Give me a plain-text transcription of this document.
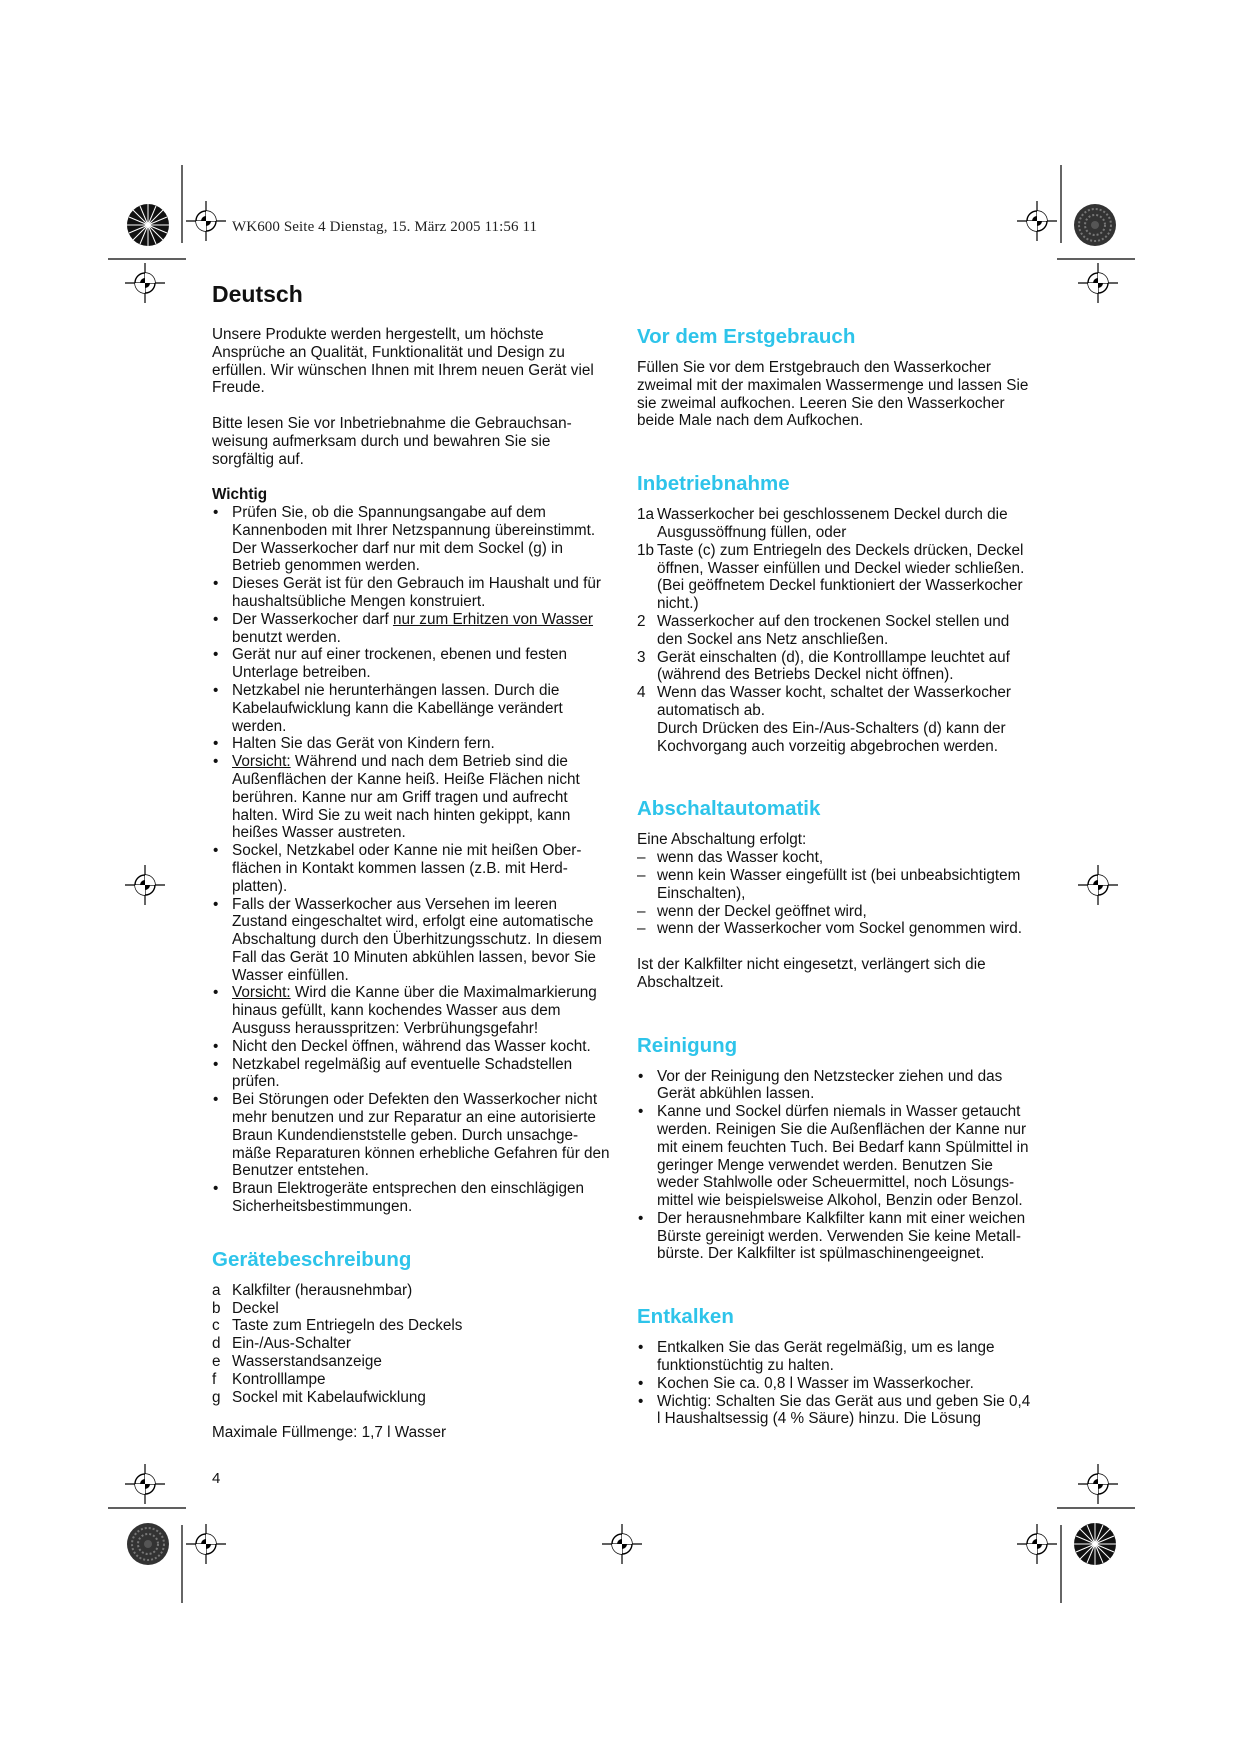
WK600 Seite 4 Dienstag, 15. März 2005 11:56 11
Deutsch

Unsere Produkte werden hergestellt, um höchste Ansprüche an Qualität, Funktionalität und Design zu erfüllen. Wir wünschen Ihnen mit Ihrem neuen Gerät viel Freude.

Bitte lesen Sie vor Inbetriebnahme die Gebrauchsan-weisung aufmerksam durch und bewahren Sie sie sorgfältig auf.

Wichtig

• Prüfen Sie, ob die Spannungsangabe auf dem Kannenboden mit Ihrer Netzspannung übereinstimmt. Der Wasserkocher darf nur mit dem Sockel (g) in Betrieb genommen werden.
• Dieses Gerät ist für den Gebrauch im Haushalt und für haushaltsübliche Mengen konstruiert.
• Der Wasserkocher darf nur zum Erhitzen von Wasser benutzt werden.
• Gerät nur auf einer trockenen, ebenen und festen Unterlage betreiben.
• Netzkabel nie herunterhängen lassen. Durch die Kabelaufwicklung kann die Kabellänge verändert werden.
• Halten Sie das Gerät von Kindern fern.
• Vorsicht: Während und nach dem Betrieb sind die Außenflächen der Kanne heiß. Heiße Flächen nicht berühren. Kanne nur am Griff tragen und aufrecht halten. Wird Sie zu weit nach hinten gekippt, kann heißes Wasser austreten.
• Sockel, Netzkabel oder Kanne nie mit heißen Ober-flächen in Kontakt kommen lassen (z.B. mit Herd-platten).
• Falls der Wasserkocher aus Versehen im leeren Zustand eingeschaltet wird, erfolgt eine automatische Abschaltung durch den Überhitzungsschutz. In diesem Fall das Gerät 10 Minuten abkühlen lassen, bevor Sie Wasser einfüllen.
• Vorsicht: Wird die Kanne über die Maximalmarkierung hinaus gefüllt, kann kochendes Wasser aus dem Ausguss herausspritzen: Verbrühungsgefahr!
• Nicht den Deckel öffnen, während das Wasser kocht.
• Netzkabel regelmäßig auf eventuelle Schadstellen prüfen.
• Bei Störungen oder Defekten den Wasserkocher nicht mehr benutzen und zur Reparatur an eine autorisierte Braun Kundendienststelle geben. Durch unsachge-mäße Reparaturen können erhebliche Gefahren für den Benutzer entstehen.
• Braun Elektrogeräte entsprechen den einschlägigen Sicherheitsbestimmungen.
Gerätebeschreibung
a Kalkfilter (herausnehmbar)
b Deckel
c Taste zum Entriegeln des Deckels
d Ein-/Aus-Schalter
e Wasserstandsanzeige
f Kontrolllampe
g Sockel mit Kabelaufwicklung

Maximale Füllmenge: 1,7 l Wasser

4
Vor dem Erstgebrauch

Füllen Sie vor dem Erstgebrauch den Wasserkocher zweimal mit der maximalen Wassermenge und lassen Sie sie zweimal aufkochen. Leeren Sie den Wasserkocher beide Male nach dem Aufkochen.

Inbetriebnahme
1a Wasserkocher bei geschlossenem Deckel durch die Ausgussöffnung füllen, oder
1b Taste (c) zum Entriegeln des Deckels drücken, Deckel öffnen, Wasser einfüllen und Deckel wieder schließen. (Bei geöffnetem Deckel funktioniert der Wasserkocher nicht.)
2 Wasserkocher auf den trockenen Sockel stellen und den Sockel ans Netz anschließen.
3 Gerät einschalten (d), die Kontrolllampe leuchtet auf (während des Betriebs Deckel nicht öffnen).
4 Wenn das Wasser kocht, schaltet der Wasserkocher automatisch ab.
Durch Drücken des Ein-/Aus-Schalters (d) kann der Kochvorgang auch vorzeitig abgebrochen werden.
Abschaltautomatik

Eine Abschaltung erfolgt:

– wenn das Wasser kocht,
– wenn kein Wasser eingefüllt ist (bei unbeabsichtigtem Einschalten),
– wenn der Deckel geöffnet wird,
– wenn der Wasserkocher vom Sockel genommen wird.

Ist der Kalkfilter nicht eingesetzt, verlängert sich die Abschaltzeit.

Reinigung
• Vor der Reinigung den Netzstecker ziehen und das Gerät abkühlen lassen.
• Kanne und Sockel dürfen niemals in Wasser getaucht werden. Reinigen Sie die Außenflächen der Kanne nur mit einem feuchten Tuch. Bei Bedarf kann Spülmittel in geringer Menge verwendet werden. Benutzen Sie weder Stahlwolle oder Scheuermittel, noch Lösungs-mittel wie beispielsweise Alkohol, Benzin oder Benzol.
• Der herausnehmbare Kalkfilter kann mit einer weichen Bürste gereinigt werden. Verwenden Sie keine Metall-bürste. Der Kalkfilter ist spülmaschinengeeignet.
Entkalken
• Entkalken Sie das Gerät regelmäßig, um es lange funktionstüchtig zu halten.
• Kochen Sie ca. 0,8 l Wasser im Wasserkocher.
• Wichtig: Schalten Sie das Gerät aus und geben Sie 0,4 l Haushaltsessig (4 % Säure) hinzu. Die Lösung
